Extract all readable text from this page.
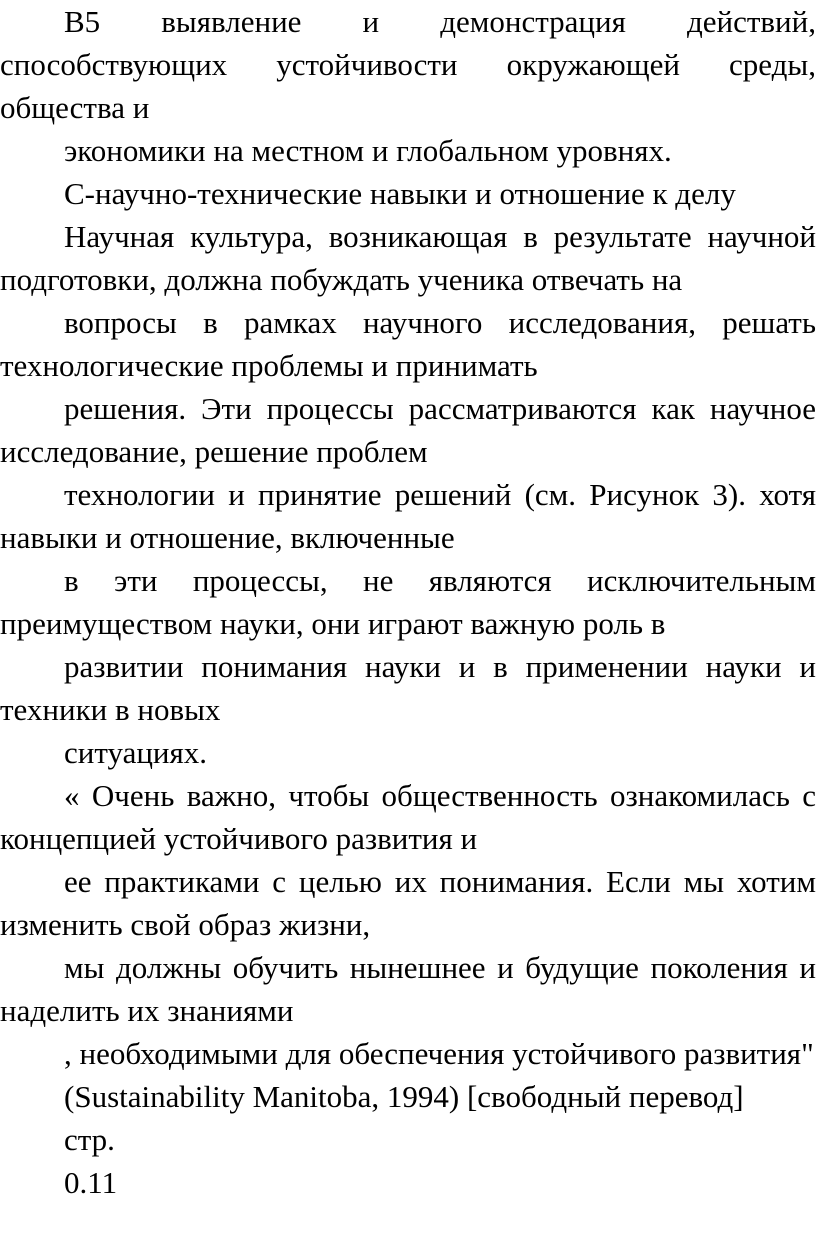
B5 выявление и демонстрация действий, способствующих устойчивости окружающей среды, общества и

экономики на местном и глобальном уровнях.

С-научно-технические навыки и отношение к делу

Научная культура, возникающая в результате научной подготовки, должна побуждать ученика отвечать на

вопросы в рамках научного исследования, решать технологические проблемы и принимать

решения. Эти процессы рассматриваются как научное исследование, решение проблем

технологии и принятие решений (см. Рисунок 3). хотя навыки и отношение, включенные

в эти процессы, не являются исключительным преимуществом науки, они играют важную роль в

развитии понимания науки и в применении науки и техники в новых

ситуациях.

« Очень важно, чтобы общественность ознакомилась с концепцией устойчивого развития и

ее практиками с целью их понимания. Если мы хотим изменить свой образ жизни,

мы должны обучить нынешнее и будущие поколения и наделить их знаниями

, необходимыми для обеспечения устойчивого развития"

(Sustainability Manitoba, 1994) [свободный перевод]

стр.

0.11
